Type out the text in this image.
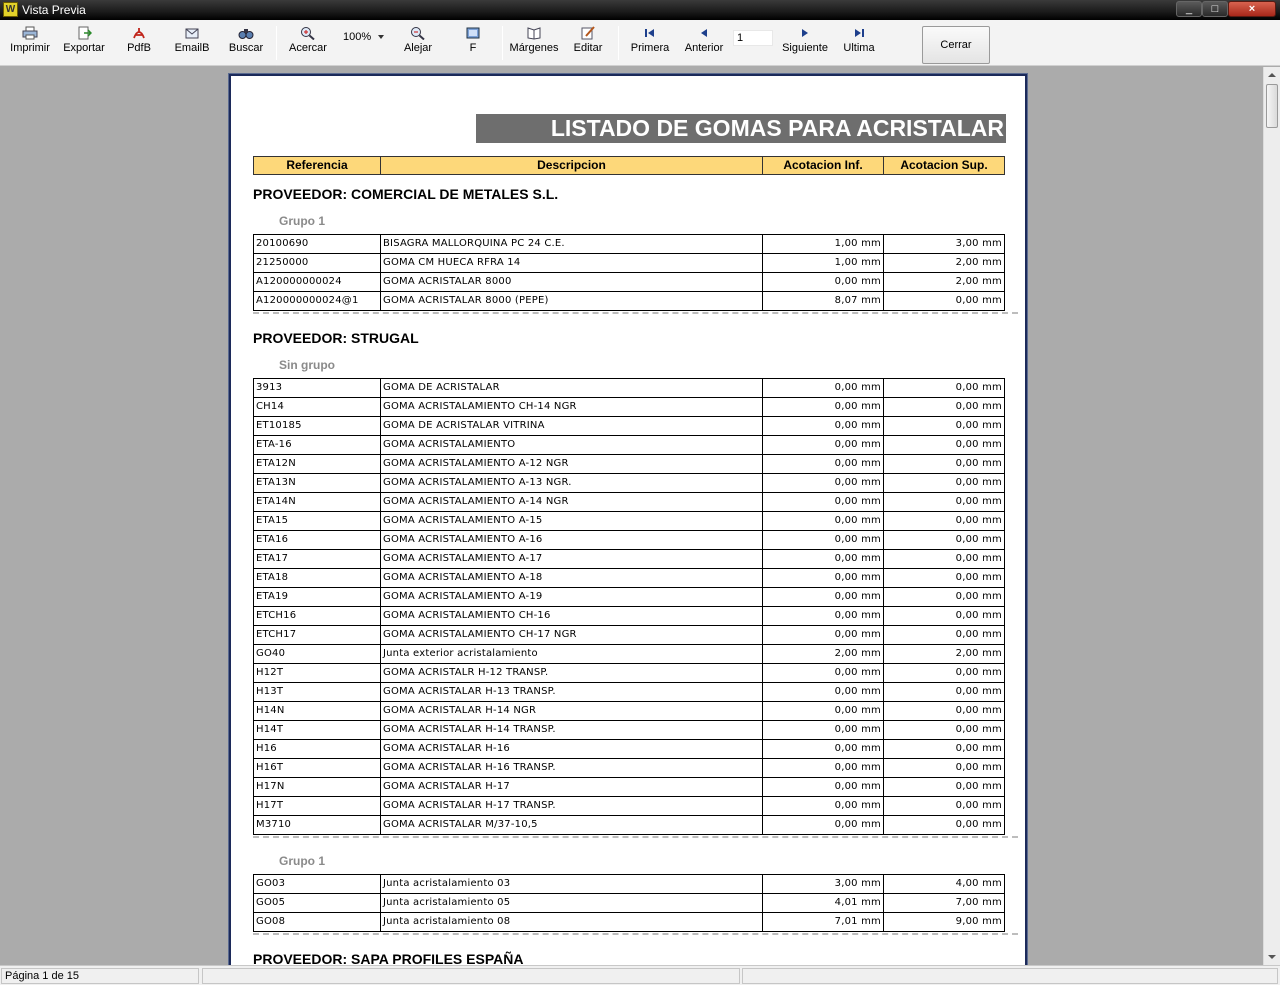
W Vista Previa	_	□	×
Imprimir Exportar	PdfB	EmailB Buscar Acercar
100%
Alejar	F	Márgenes	Editar	Primera Anterior
1
Siguiente	Ultima	Cerrar
LISTADO DE GOMAS PARA ACRISTALAR
Referencia	Descripcion	Acotacion Inf.	Acotacion Sup.
PROVEEDOR: COMERCIAL DE METALES S.L.
Grupo 1
20100690	BISAGRA MALLORQUINA PC 24 C.E.	1,00 mm	3,00 mm
21250000	GOMA CM HUECA RFRA 14	1,00 mm	2,00 mm
A120000000024	GOMA ACRISTALAR 8000	0,00 mm	2,00 mm
A120000000024@1	GOMA ACRISTALAR 8000 (PEPE)	8,07 mm	0,00 mm
PROVEEDOR: STRUGAL
Sin grupo
3913	GOMA DE ACRISTALAR	0,00 mm	0,00 mm
CH14	GOMA ACRISTALAMIENTO CH-14 NGR	0,00 mm	0,00 mm
ET10185	GOMA DE ACRISTALAR VITRINA	0,00 mm	0,00 mm
ETA-16	GOMA ACRISTALAMIENTO	0,00 mm	0,00 mm
ETA12N	GOMA ACRISTALAMIENTO A-12 NGR	0,00 mm	0,00 mm
ETA13N	GOMA ACRISTALAMIENTO A-13 NGR.	0,00 mm	0,00 mm
ETA14N	GOMA ACRISTALAMIENTO A-14 NGR	0,00 mm	0,00 mm
ETA15	GOMA ACRISTALAMIENTO A-15	0,00 mm	0,00 mm
ETA16	GOMA ACRISTALAMIENTO A-16	0,00 mm	0,00 mm
ETA17	GOMA ACRISTALAMIENTO A-17	0,00 mm	0,00 mm
ETA18	GOMA ACRISTALAMIENTO A-18	0,00 mm	0,00 mm
ETA19	GOMA ACRISTALAMIENTO A-19	0,00 mm	0,00 mm
ETCH16	GOMA ACRISTALAMIENTO CH-16	0,00 mm	0,00 mm
ETCH17	GOMA ACRISTALAMIENTO CH-17 NGR	0,00 mm	0,00 mm
GO40	Junta exterior acristalamiento	2,00 mm	2,00 mm
H12T	GOMA ACRISTALR H-12 TRANSP.	0,00 mm	0,00 mm
H13T	GOMA ACRISTALAR H-13 TRANSP.	0,00 mm	0,00 mm
H14N	GOMA ACRISTALAR H-14 NGR	0,00 mm	0,00 mm
H14T	GOMA ACRISTALAR H-14 TRANSP.	0,00 mm	0,00 mm
H16	GOMA ACRISTALAR H-16	0,00 mm	0,00 mm
H16T	GOMA ACRISTALAR H-16 TRANSP.	0,00 mm	0,00 mm
H17N	GOMA ACRISTALAR H-17	0,00 mm	0,00 mm
H17T	GOMA ACRISTALAR H-17 TRANSP.	0,00 mm	0,00 mm
M3710	GOMA ACRISTALAR M/37-10,5	0,00 mm	0,00 mm
Grupo 1
GO03	Junta acristalamiento 03	3,00 mm	4,00 mm
GO05	Junta acristalamiento 05	4,01 mm	7,00 mm
GO08	Junta acristalamiento 08	7,01 mm	9,00 mm
PROVEEDOR: SAPA PROFILES ESPAÑA
Página 1 de 15
